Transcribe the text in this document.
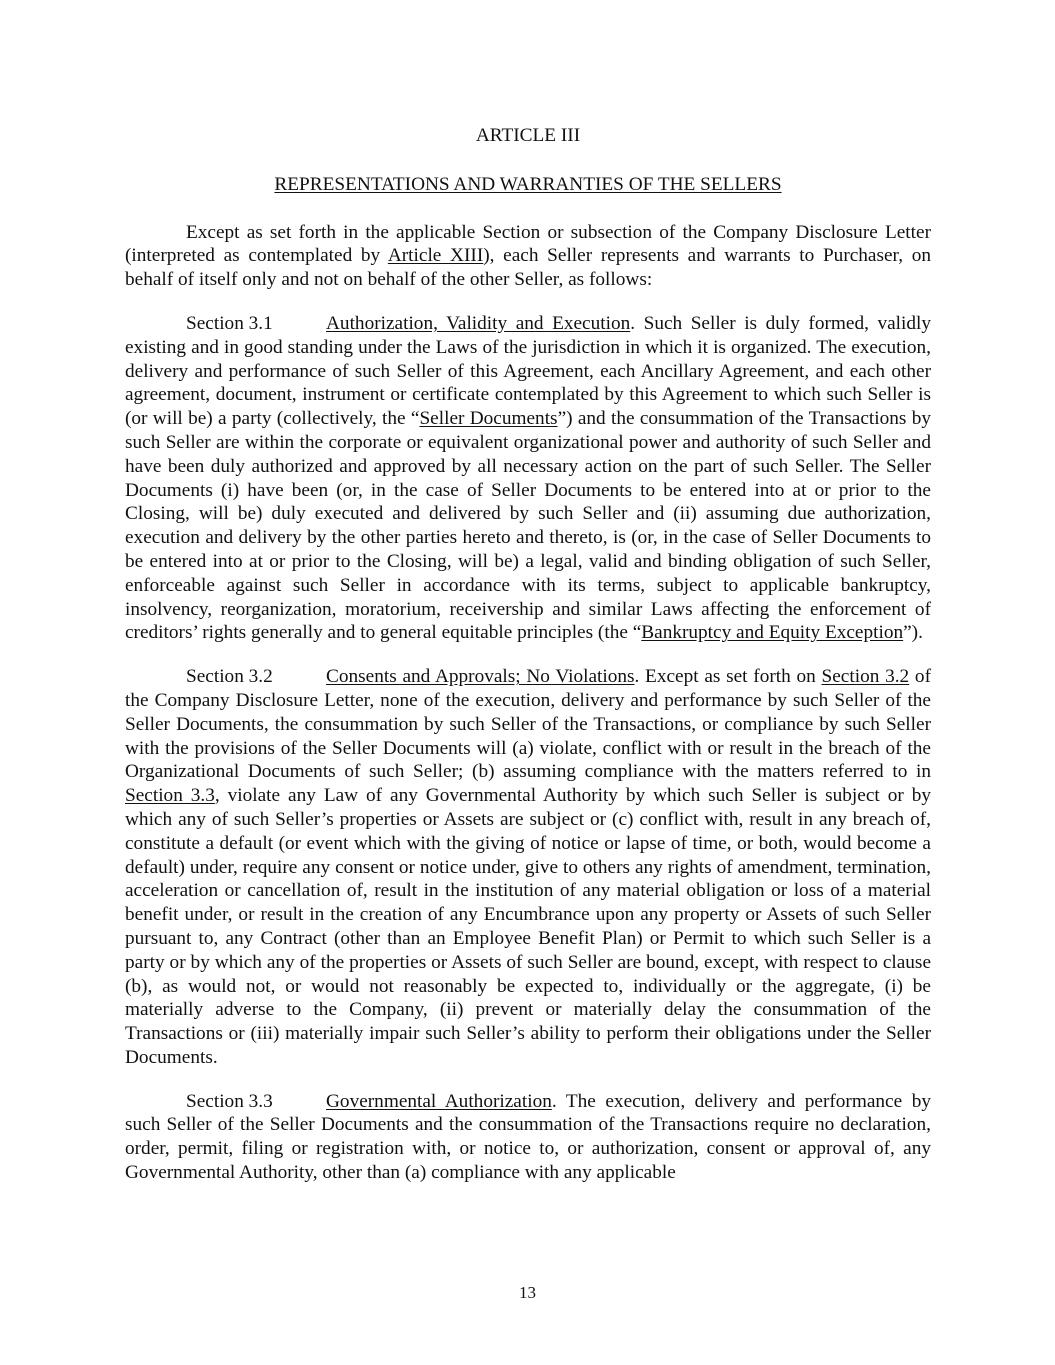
ARTICLE III

REPRESENTATIONS AND WARRANTIES OF THE SELLERS

Except as set forth in the applicable Section or subsection of the Company Disclosure Letter (interpreted as contemplated by Article XIII), each Seller represents and warrants to Purchaser, on behalf of itself only and not on behalf of the other Seller, as follows:

Section 3.1	Authorization, Validity and Execution. Such Seller is duly formed, validly existing and in good standing under the Laws of the jurisdiction in which it is organized. The execution, delivery and performance of such Seller of this Agreement, each Ancillary Agreement, and each other agreement, document, instrument or certificate contemplated by this Agreement to which such Seller is (or will be) a party (collectively, the “Seller Documents”) and the consummation of the Transactions by such Seller are within the corporate or equivalent organizational power and authority of such Seller and have been duly authorized and approved by all necessary action on the part of such Seller. The Seller Documents (i) have been (or, in the case of Seller Documents to be entered into at or prior to the Closing, will be) duly executed and delivered by such Seller and (ii) assuming due authorization, execution and delivery by the other parties hereto and thereto, is (or, in the case of Seller Documents to be entered into at or prior to the Closing, will be) a legal, valid and binding obligation of such Seller, enforceable against such Seller in accordance with its terms, subject to applicable bankruptcy, insolvency, reorganization, moratorium, receivership and similar Laws affecting the enforcement of creditors’ rights generally and to general equitable principles (the “Bankruptcy and Equity Exception”).

Section 3.2	Consents and Approvals; No Violations. Except as set forth on Section 3.2 of the Company Disclosure Letter, none of the execution, delivery and performance by such Seller of the Seller Documents, the consummation by such Seller of the Transactions, or compliance by such Seller with the provisions of the Seller Documents will (a) violate, conflict with or result in the breach of the Organizational Documents of such Seller; (b) assuming compliance with the matters referred to in Section 3.3, violate any Law of any Governmental Authority by which such Seller is subject or by which any of such Seller’s properties or Assets are subject or (c) conflict with, result in any breach of, constitute a default (or event which with the giving of notice or lapse of time, or both, would become a default) under, require any consent or notice under, give to others any rights of amendment, termination, acceleration or cancellation of, result in the institution of any material obligation or loss of a material benefit under, or result in the creation of any Encumbrance upon any property or Assets of such Seller pursuant to, any Contract (other than an Employee Benefit Plan) or Permit to which such Seller is a party or by which any of the properties or Assets of such Seller are bound, except, with respect to clause (b), as would not, or would not reasonably be expected to, individually or the aggregate, (i) be materially adverse to the Company, (ii) prevent or materially delay the consummation of the Transactions or (iii) materially impair such Seller’s ability to perform their obligations under the Seller Documents.

Section 3.3	Governmental Authorization. The execution, delivery and performance by such Seller of the Seller Documents and the consummation of the Transactions require no declaration, order, permit, filing or registration with, or notice to, or authorization, consent or approval of, any Governmental Authority, other than (a) compliance with any applicable

13
